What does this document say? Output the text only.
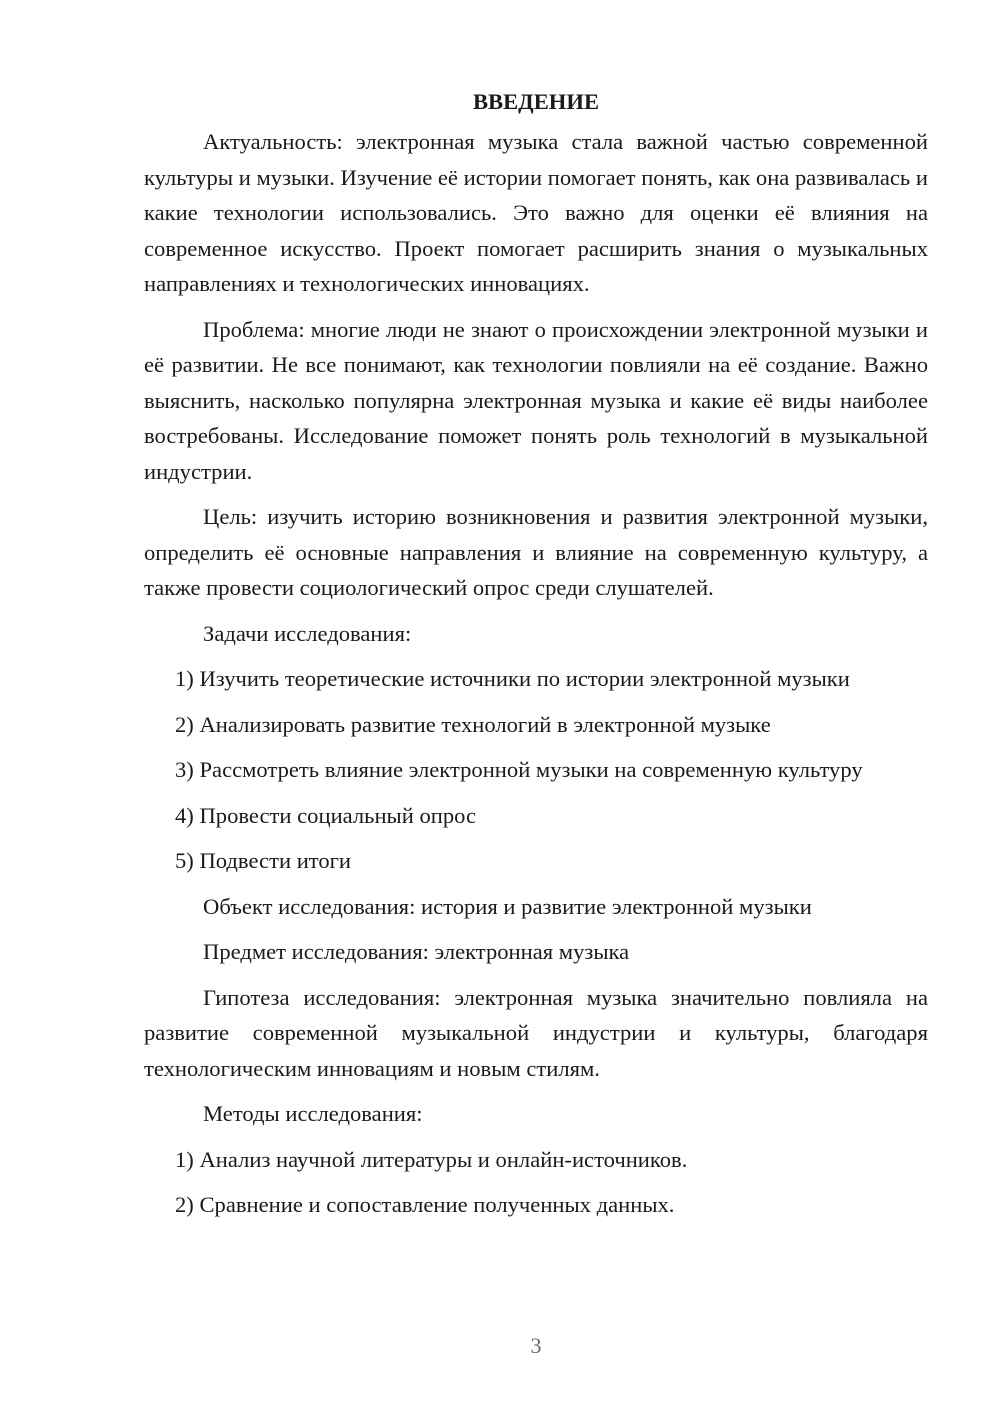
ВВЕДЕНИЕ

Актуальность: электронная музыка стала важной частью современной культуры и музыки. Изучение её истории помогает понять, как она развивалась и какие технологии использовались. Это важно для оценки её влияния на современное искусство. Проект помогает расширить знания о музыкальных направлениях и технологических инновациях.

Проблема: многие люди не знают о происхождении электронной музыки и её развитии. Не все понимают, как технологии повлияли на её создание. Важно выяснить, насколько популярна электронная музыка и какие её виды наиболее востребованы. Исследование поможет понять роль технологий в музыкальной индустрии.

Цель: изучить историю возникновения и развития электронной музыки, определить её основные направления и влияние на современную культуру, а также провести социологический опрос среди слушателей.

Задачи исследования:

1) Изучить теоретические источники по истории электронной музыки

2) Анализировать развитие технологий в электронной музыке

3) Рассмотреть влияние электронной музыки на современную культуру

4) Провести социальный опрос

5) Подвести итоги

Объект исследования: история и развитие электронной музыки

Предмет исследования: электронная музыка

Гипотеза исследования: электронная музыка значительно повлияла на развитие современной музыкальной индустрии и культуры, благодаря технологическим инновациям и новым стилям.

Методы исследования:

1) Анализ научной литературы и онлайн-источников.

2) Сравнение и сопоставление полученных данных.

3
